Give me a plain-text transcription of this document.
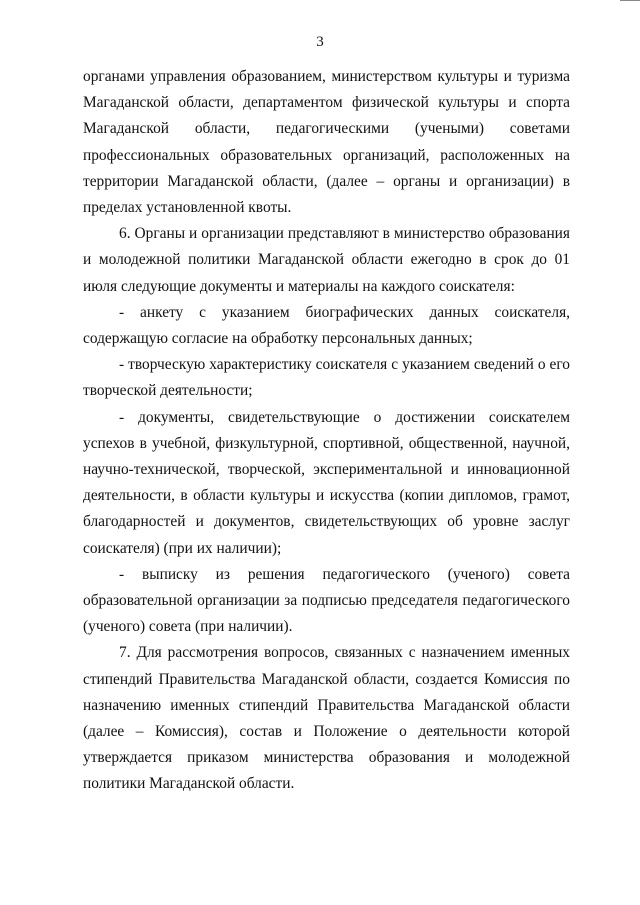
3

органами управления образованием, министерством культуры и туризма Магаданской области, департаментом физической культуры и спорта Магаданской области, педагогическими (учеными) советами профессиональных образовательных организаций, расположенных на территории Магаданской области, (далее – органы и организации) в пределах установленной квоты.

6. Органы и организации представляют в министерство образования и молодежной политики Магаданской области ежегодно в срок до 01 июля следующие документы и материалы на каждого соискателя:

- анкету с указанием биографических данных соискателя, содержащую согласие на обработку персональных данных;

- творческую характеристику соискателя с указанием сведений о его творческой деятельности;

- документы, свидетельствующие о достижении соискателем успехов в учебной, физкультурной, спортивной, общественной, научной, научно-технической, творческой, экспериментальной и инновационной деятельности, в области культуры и искусства (копии дипломов, грамот, благодарностей и документов, свидетельствующих об уровне заслуг соискателя) (при их наличии);

- выписку из решения педагогического (ученого) совета образовательной организации за подписью председателя педагогического (ученого) совета (при наличии).

7. Для рассмотрения вопросов, связанных с назначением именных стипендий Правительства Магаданской области, создается Комиссия по назначению именных стипендий Правительства Магаданской области (далее – Комиссия), состав и Положение о деятельности которой утверждается приказом министерства образования и молодежной политики Магаданской области.
